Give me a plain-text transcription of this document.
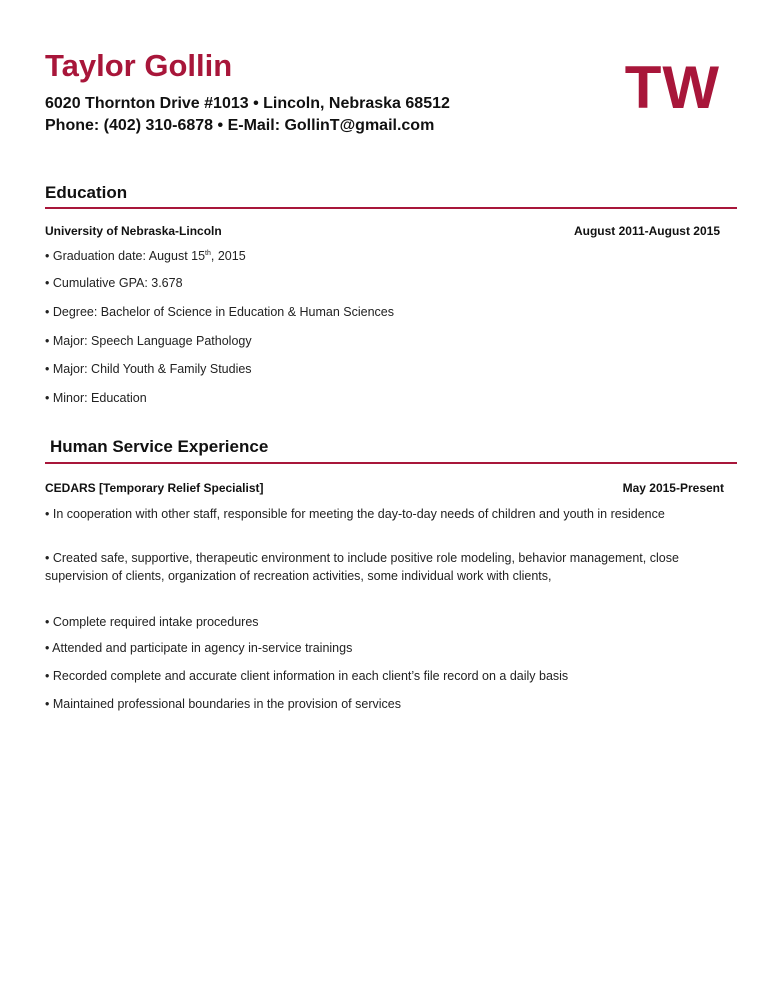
Taylor Gollin
6020 Thornton Drive #1013 • Lincoln, Nebraska 68512
Phone: (402) 310-6878 • E-Mail: GollinT@gmail.com
TW
Education
University of Nebraska-Lincoln	August 2011-August 2015
• Graduation date: August 15th, 2015
• Cumulative GPA: 3.678
• Degree: Bachelor of Science in Education & Human Sciences
• Major: Speech Language Pathology
• Major: Child Youth & Family Studies
• Minor: Education
Human Service Experience
CEDARS [Temporary Relief Specialist]	May 2015-Present
• In cooperation with other staff, responsible for meeting the day-to-day needs of children and youth in residence
• Created safe, supportive, therapeutic environment to include positive role modeling, behavior management, close supervision of clients, organization of recreation activities, some individual work with clients,
• Complete required intake procedures
• Attended and participate in agency in-service trainings
• Recorded complete and accurate client information in each client’s file record on a daily basis
• Maintained professional boundaries in the provision of services
